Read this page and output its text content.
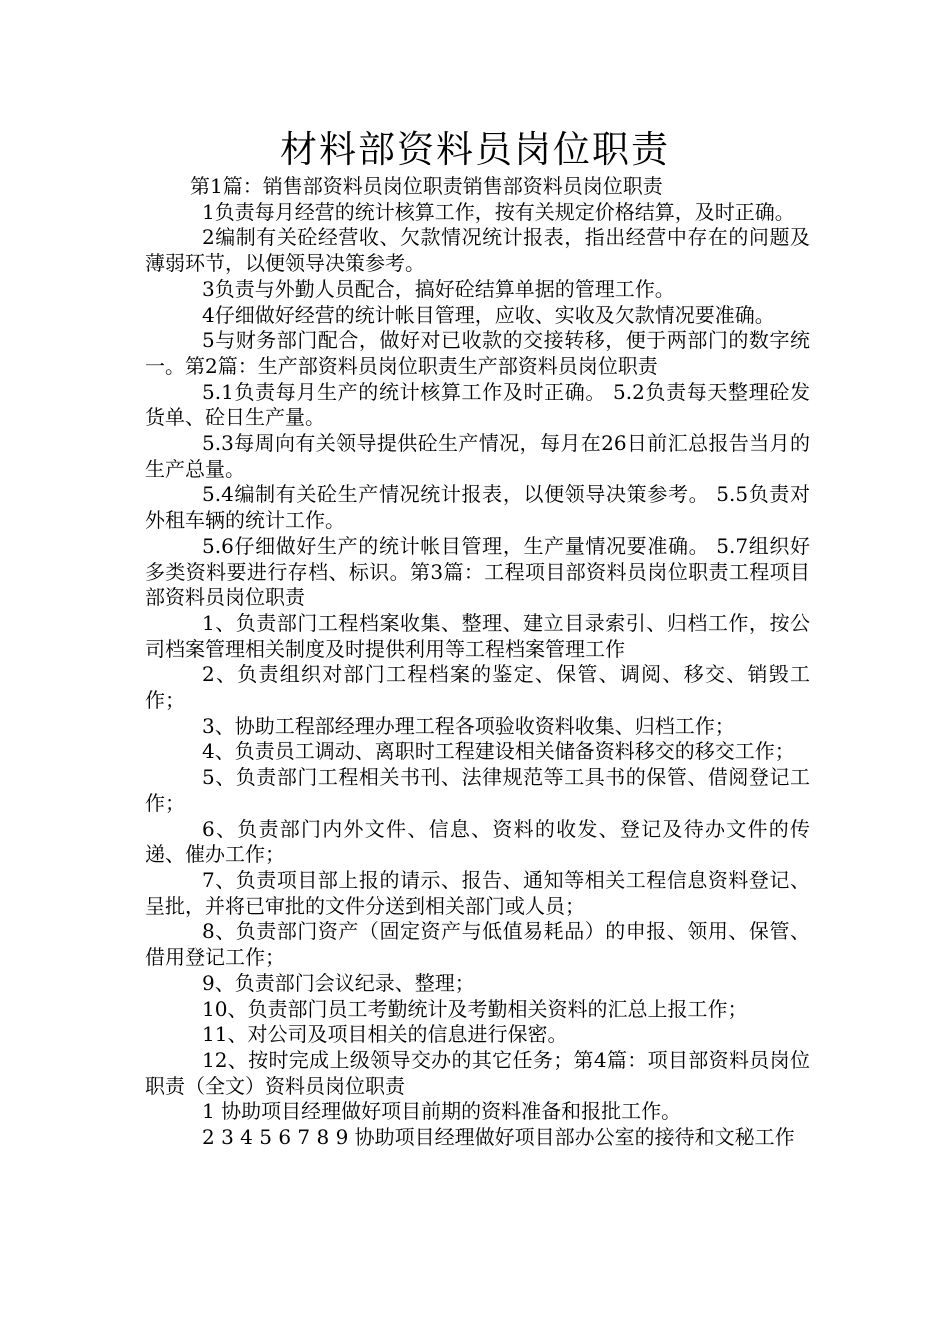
材料部资料员岗位职责

第1篇：销售部资料员岗位职责销售部资料员岗位职责

1负责每月经营的统计核算工作，按有关规定价格结算，及时正确。

2编制有关砼经营收、欠款情况统计报表，指出经营中存在的问题及薄弱环节，以便领导决策参考。

3负责与外勤人员配合，搞好砼结算单据的管理工作。

4仔细做好经营的统计帐目管理，应收、实收及欠款情况要准确。

5与财务部门配合，做好对已收款的交接转移，便于两部门的数字统一。第2篇：生产部资料员岗位职责生产部资料员岗位职责

5.1负责每月生产的统计核算工作及时正确。 5.2负责每天整理砼发货单、砼日生产量。

5.3每周向有关领导提供砼生产情况，每月在26日前汇总报告当月的生产总量。

5.4编制有关砼生产情况统计报表，以便领导决策参考。 5.5负责对外租车辆的统计工作。

5.6仔细做好生产的统计帐目管理，生产量情况要准确。 5.7组织好多类资料要进行存档、标识。第3篇：工程项目部资料员岗位职责工程项目部资料员岗位职责

1、负责部门工程档案收集、整理、建立目录索引、归档工作，按公司档案管理相关制度及时提供利用等工程档案管理工作

2、负责组织对部门工程档案的鉴定、保管、调阅、移交、销毁工作；

3、协助工程部经理办理工程各项验收资料收集、归档工作；

4、负责员工调动、离职时工程建设相关储备资料移交的移交工作；

5、负责部门工程相关书刊、法律规范等工具书的保管、借阅登记工作；

6、负责部门内外文件、信息、资料的收发、登记及待办文件的传递、催办工作；

7、负责项目部上报的请示、报告、通知等相关工程信息资料登记、呈批，并将已审批的文件分送到相关部门或人员；

8、负责部门资产（固定资产与低值易耗品）的申报、领用、保管、借用登记工作；

9、负责部门会议纪录、整理；

10、负责部门员工考勤统计及考勤相关资料的汇总上报工作；

11、对公司及项目相关的信息进行保密。

12、按时完成上级领导交办的其它任务；第4篇：项目部资料员岗位职责（全文）资料员岗位职责

1 协助项目经理做好项目前期的资料准备和报批工作。

2 3 4 5 6 7 8 9 协助项目经理做好项目部办公室的接待和文秘工作
